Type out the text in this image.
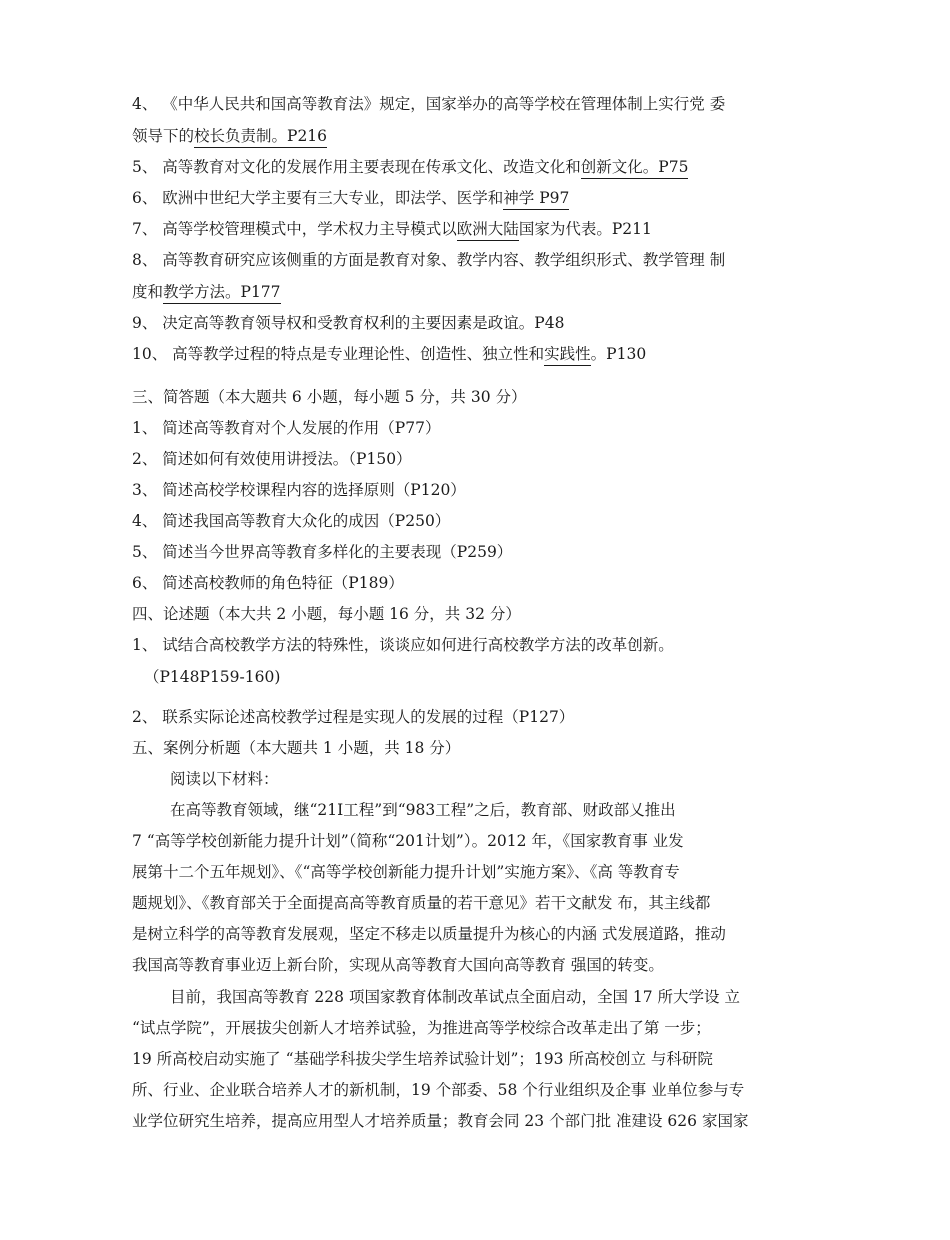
4、 《中华人民共和国高等教育法》规定，国家举办的高等学校在管理体制上实行党 委
领导下的校长负责制。P216
5、 高等教育对文化的发展作用主要表现在传承文化、改造文化和创新文化。P75
6、 欧洲中世纪大学主要有三大专业，即法学、医学和神学 P97
7、 高等学校管理模式中，学术权力主导模式以欧洲大陆国家为代表。P211
8、 高等教育研究应该侧重的方面是教育对象、教学内容、教学组织形式、教学管理 制
度和教学方法。P177
9、 决定高等教育领导权和受教育权利的主要因素是政谊。P48
10、 高等教学过程的特点是专业理论性、创造性、独立性和实践性。P130
三、简答题（本大题共 6 小题，每小题 5 分，共 30 分）
1、 简述高等教育对个人发展的作用（P77）
2、 简述如何有效使用讲授法。（P150）
3、 简述高校学校课程内容的选择原则（P120）
4、 简述我国高等教育大众化的成因（P250）
5、 简述当今世界高等教育多样化的主要表现（P259）
6、 简述高校教师的角色特征（P189）
四、论述题（本大共 2 小题，每小题 16 分，共 32 分）
1、 试结合高校教学方法的特殊性，谈谈应如何进行高校教学方法的改革创新。
（P148P159-160)
2、 联系实际论述高校教学过程是实现人的发展的过程（P127）
五、案例分析题（本大题共 1 小题，共 18 分）
阅读以下材料：
在高等教育领域，继“21I工程”到“983工程”之后，教育部、财政部乂推出
7 “高等学校创新能力提升计划”（简称“201计划”）。2012 年，《国家教育事 业发
展第十二个五年规划》、《“高等学校创新能力提升计划”实施方案》、《高 等教育专
题规划》、《教育部关于全面提高高等教育质量的若干意见》若干文献发 布，其主线都
是树立科学的高等教育发展观，坚定不移走以质量提升为核心的内涵 式发展道路，推动
我国高等教育事业迈上新台阶，实现从高等教育大国向高等教育 强国的转变。
目前，我国高等教育 228 项国家教育体制改革试点全面启动，全国 17 所大学设 立
“试点学院”，开展拔尖创新人才培养试验，为推进高等学校综合改革走出了第 一步；
19 所高校启动实施了 “基础学科拔尖学生培养试验计划”；193 所高校创立 与科研院
所、行业、企业联合培养人才的新机制，19 个部委、58 个行业组织及企事 业单位参与专
业学位研究生培养，提高应用型人才培养质量；教育会同 23 个部门批 准建设 626 家国家
